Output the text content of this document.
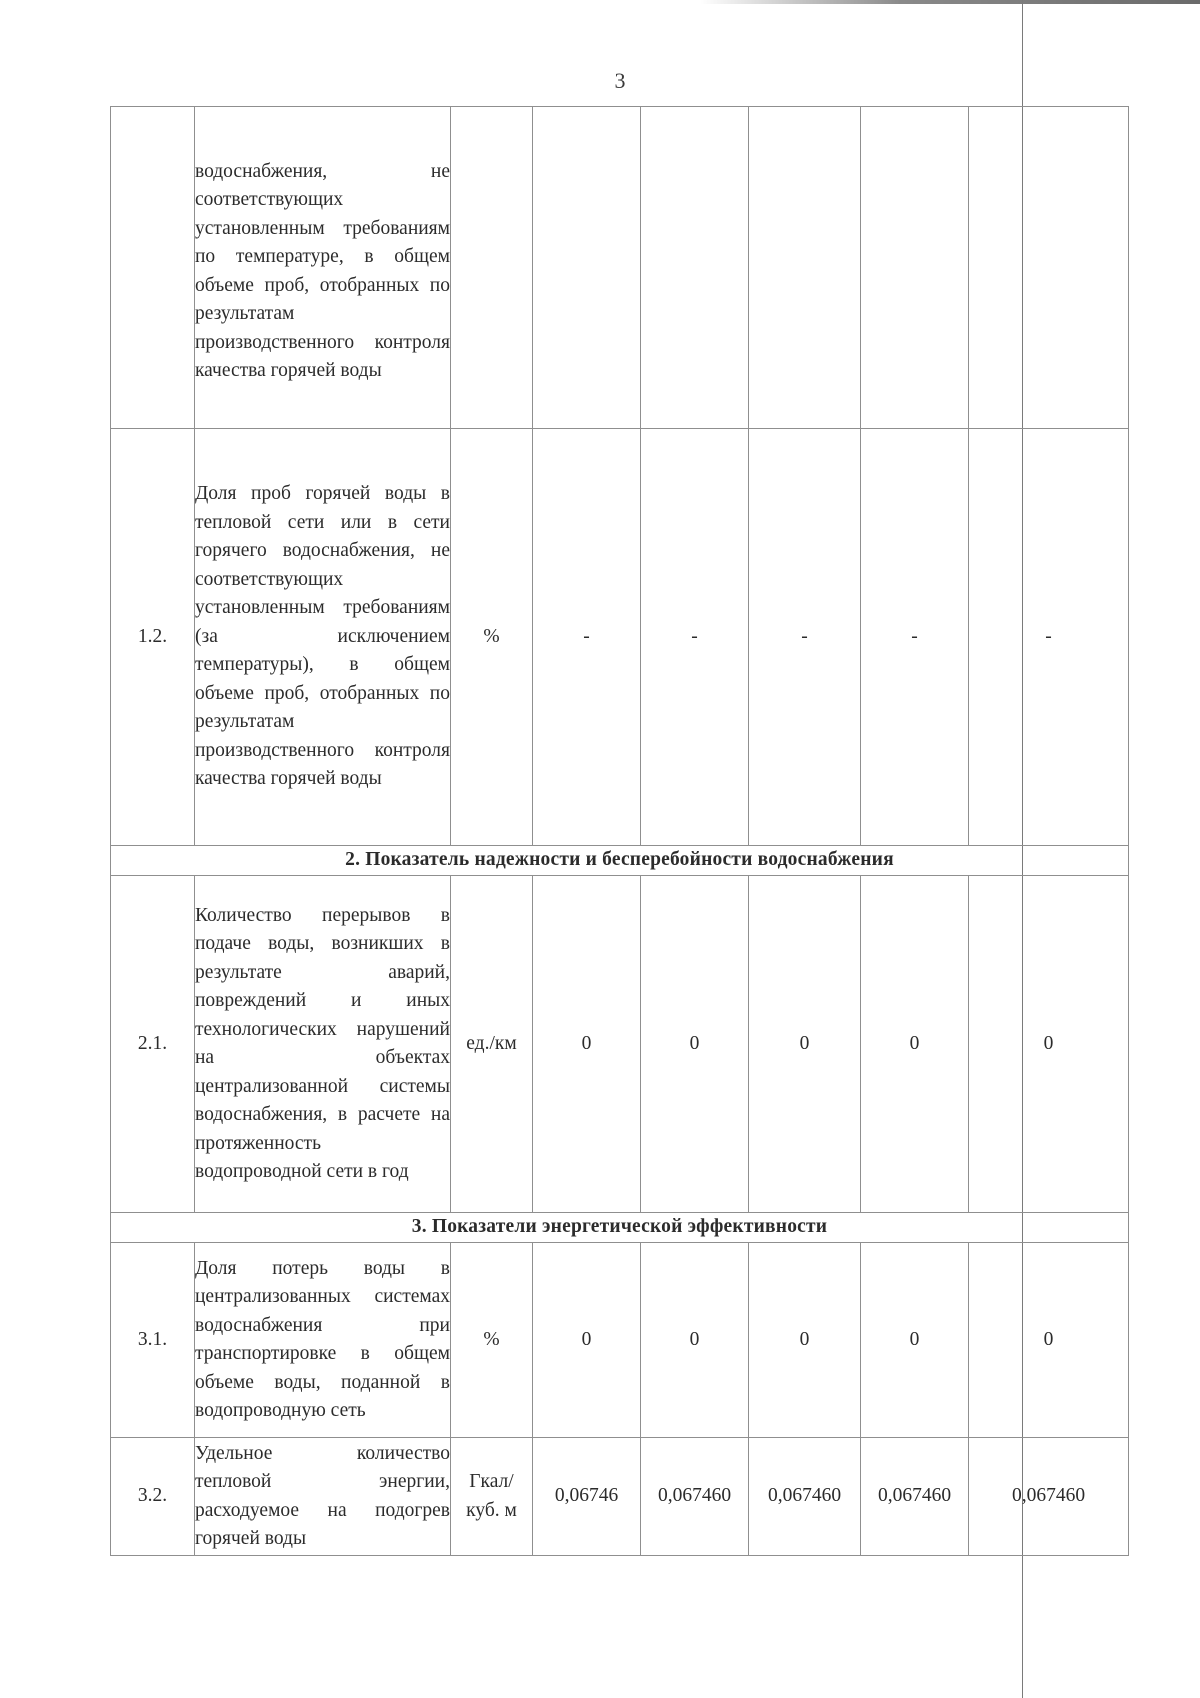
3
	водоснабжения, не соответствующих установленным требованиям по температуре, в общем объеме проб, отобранных по результатам производственного контроля качества горячей воды						
1.2.	Доля проб горячей воды в тепловой сети или в сети горячего водоснабжения, не соответствующих установленным требованиям (за исключением температуры), в общем объеме проб, отобранных по результатам производственного контроля качества горячей воды	%	-	-	-	-	-
2. Показатель надежности и бесперебойности водоснабжения							
2.1.	Количество перерывов в подаче воды, возникших в результате аварий, повреждений и иных технологических нарушений на объектах централизованной системы водоснабжения, в расчете на протяженность водопроводной сети в год	ед./км	0	0	0	0	0
3. Показатели энергетической эффективности							
3.1.	Доля потерь воды в централизованных системах водоснабжения при транспортировке в общем объеме воды, поданной в водопроводную сеть	%	0	0	0	0	0
3.2.	Удельное количество тепловой энергии, расходуемое на подогрев горячей воды	Гкал/ куб. м	0,06746	0,067460	0,067460	0,067460	0,067460
